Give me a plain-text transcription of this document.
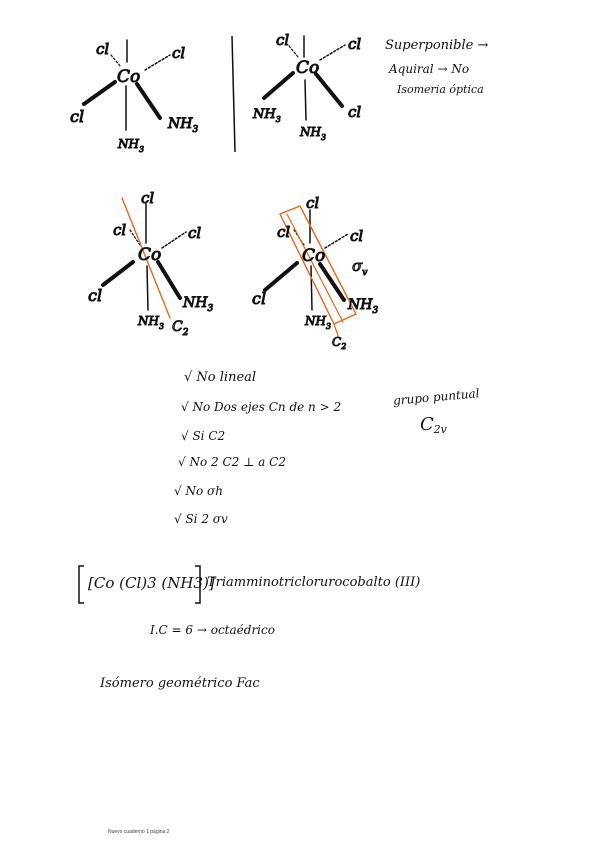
Co
cl	cl
cl	$NH_3$
$NH_3$
Co
cl	cl
cl
$NH_3$
$NH_3$
Co
cl
cl	cl
cl	$NH_3$
$NH_3$ $C_2$
Co
cl
cl	cl
cl	$NH_3$
$NH_3$
$\sigma_v$
$C_2$
Superponible →
Aquiral → No
Isomeria óptica
√ No lineal
√ No Dos ejes Cn de n > 2
√ Si C2
√ No 2 C2 ⊥ a C2
√ No σh
√ Si 2 σv
grupo puntual
$C_{2v}$
[Co (Cl)3 (NH3)]
Triamminotriclorurocobalto (III)
I.C = 6 → octaédrico
Isómero geométrico Fac
Nuevo cuaderno 1 página 2
